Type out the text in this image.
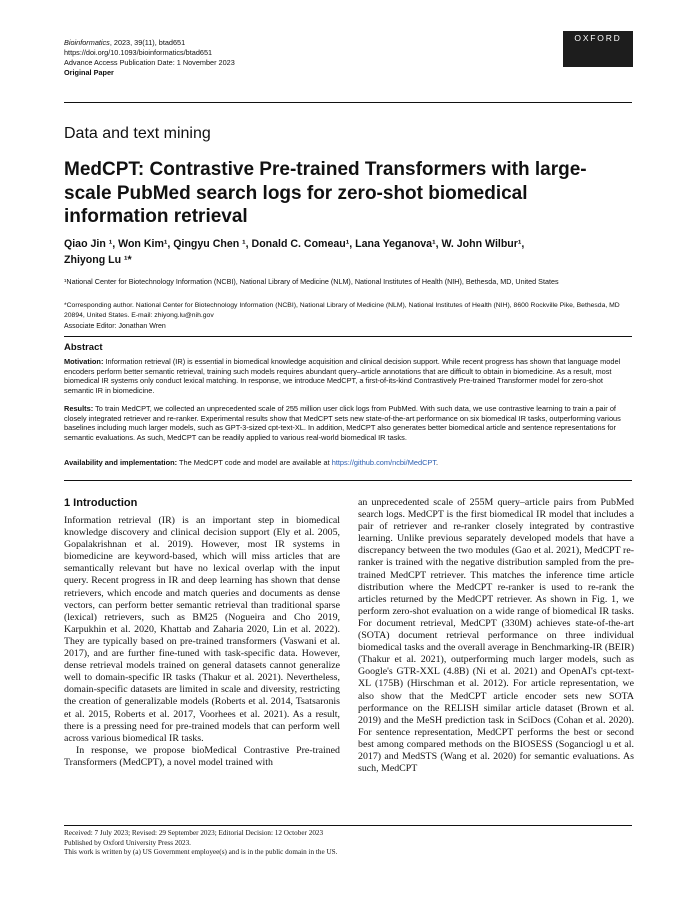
Bioinformatics, 2023, 39(11), btad651
https://doi.org/10.1093/bioinformatics/btad651
Advance Access Publication Date: 1 November 2023
Original Paper
OXFORD
Data and text mining
MedCPT: Contrastive Pre-trained Transformers with large-scale PubMed search logs for zero-shot biomedical information retrieval
Qiao Jin ¹, Won Kim¹, Qingyu Chen ¹, Donald C. Comeau¹, Lana Yeganova¹, W. John Wilbur¹,
Zhiyong Lu ¹*
¹National Center for Biotechnology Information (NCBI), National Library of Medicine (NLM), National Institutes of Health (NIH), Bethesda, MD, United States
*Corresponding author. National Center for Biotechnology Information (NCBI), National Library of Medicine (NLM), National Institutes of Health (NIH), 8600 Rockville Pike, Bethesda, MD 20894, United States. E-mail: zhiyong.lu@nih.gov
Associate Editor: Jonathan Wren
Abstract
Motivation: Information retrieval (IR) is essential in biomedical knowledge acquisition and clinical decision support. While recent progress has shown that language model encoders perform better semantic retrieval, training such models requires abundant query–article annotations that are difficult to obtain in biomedicine. As a result, most biomedical IR systems only conduct lexical matching. In response, we introduce MedCPT, a first-of-its-kind Contrastively Pre-trained Transformer model for zero-shot semantic IR in biomedicine.
Results: To train MedCPT, we collected an unprecedented scale of 255 million user click logs from PubMed. With such data, we use contrastive learning to train a pair of closely integrated retriever and re-ranker. Experimental results show that MedCPT sets new state-of-the-art performance on six biomedical IR tasks, outperforming various baselines including much larger models, such as GPT-3-sized cpt-text-XL. In addition, MedCPT also generates better biomedical article and sentence representations for semantic evaluations. As such, MedCPT can be readily applied to various real-world biomedical IR tasks.
Availability and implementation: The MedCPT code and model are available at https://github.com/ncbi/MedCPT.
1 Introduction

Information retrieval (IR) is an important step in biomedical knowledge discovery and clinical decision support (Ely et al. 2005, Gopalakrishnan et al. 2019). However, most IR systems in biomedicine are keyword-based, which will miss articles that are semantically relevant but have no lexical overlap with the input query. Recent progress in IR and deep learning has shown that dense retrievers, which encode and match queries and documents as dense vectors, can perform better semantic retrieval than traditional sparse (lexical) retrievers, such as BM25 (Nogueira and Cho 2019, Karpukhin et al. 2020, Khattab and Zaharia 2020, Lin et al. 2022). They are typically based on pre-trained transformers (Vaswani et al. 2017), and are further fine-tuned with task-specific data. However, dense retrieval models trained on general datasets cannot generalize well to domain-specific IR tasks (Thakur et al. 2021). Nevertheless, domain-specific datasets are limited in scale and diversity, restricting the creation of generalizable models (Roberts et al. 2014, Tsatsaronis et al. 2015, Roberts et al. 2017, Voorhees et al. 2021). As a result, there is a pressing need for pre-trained models that can perform well across various biomedical IR tasks.

In response, we propose bioMedical Contrastive Pre-trained Transformers (MedCPT), a novel model trained with

an unprecedented scale of 255M query–article pairs from PubMed search logs. MedCPT is the first biomedical IR model that includes a pair of retriever and re-ranker closely integrated by contrastive learning. Unlike previous separately developed models that have a discrepancy between the two modules (Gao et al. 2021), MedCPT re-ranker is trained with the negative distribution sampled from the pre-trained MedCPT retriever. This matches the inference time article distribution where the MedCPT re-ranker is used to re-rank the articles returned by the MedCPT retriever. As shown in Fig. 1, we perform zero-shot evaluation on a wide range of biomedical IR tasks. For document retrieval, MedCPT (330M) achieves state-of-the-art (SOTA) document retrieval performance on three individual biomedical tasks and the overall average in Benchmarking-IR (BEIR) (Thakur et al. 2021), outperforming much larger models, such as Google's GTR-XXL (4.8B) (Ni et al. 2021) and OpenAI's cpt-text-XL (175B) (Hirschman et al. 2012). For article representation, we also show that the MedCPT article encoder sets new SOTA performance on the RELISH similar article dataset (Brown et al. 2019) and the MeSH prediction task in SciDocs (Cohan et al. 2020). For sentence representation, MedCPT performs the best or second best among compared methods on the BIOSESS (Soganciogl u et al. 2017) and MedSTS (Wang et al. 2020) for semantic evaluations. As such, MedCPT

Received: 7 July 2023; Revised: 29 September 2023; Editorial Decision: 12 October 2023
Published by Oxford University Press 2023.
This work is written by (a) US Government employee(s) and is in the public domain in the US.
